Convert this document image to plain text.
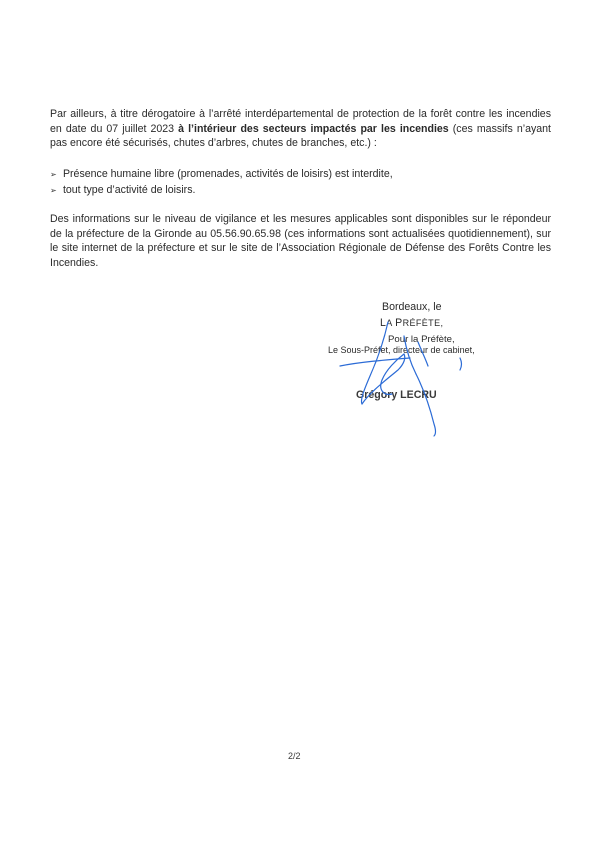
Par ailleurs, à titre dérogatoire à l’arrêté interdépartemental de protection de la forêt contre les incendies en date du 07 juillet 2023 à l’intérieur des secteurs impactés par les incendies (ces massifs n’ayant pas encore été sécurisés, chutes d’arbres, chutes de branches, etc.) :

➢ Présence humaine libre (promenades, activités de loisirs) est interdite,
➢ tout type d’activité de loisirs.

Des informations sur le niveau de vigilance et les mesures applicables sont disponibles sur le répondeur de la préfecture de la Gironde au 05.56.90.65.98 (ces informations sont actualisées quotidiennement), sur le site internet de la préfecture et sur le site de l’Association Régionale de Défense des Forêts Contre les Incendies.

Bordeaux, le
LA PRÉFÈTE,
Pour la Préfète,
Le Sous-Préfet, directeur de cabinet,
Grégory LECRU
2/2
